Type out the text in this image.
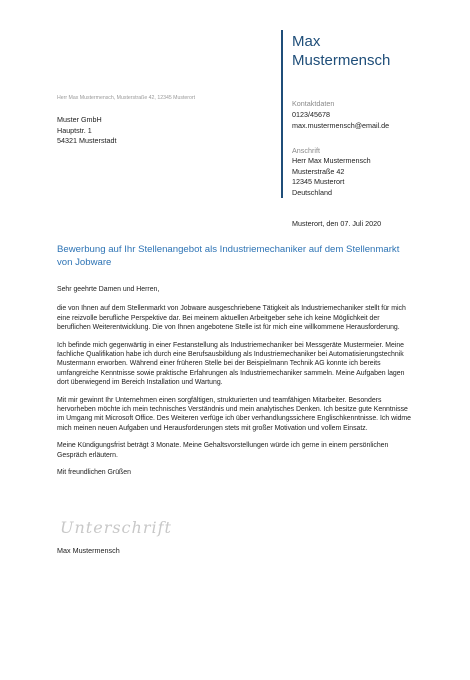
Max
Mustermensch
Herr Max Mustermensch, Musterstraße 42, 12345 Musterort
Muster GmbH
Hauptstr. 1
54321 Musterstadt
Kontaktdaten
0123/45678
max.mustermensch@email.de
Anschrift
Herr Max Mustermensch
Musterstraße 42
12345 Musterort
Deutschland
Musterort, den 07. Juli 2020
Bewerbung auf Ihr Stellenangebot als Industriemechaniker auf dem Stellenmarkt von Jobware

Sehr geehrte Damen und Herren,

die von Ihnen auf dem Stellenmarkt von Jobware ausgeschriebene Tätigkeit als Industriemechaniker stellt für mich eine reizvolle berufliche Perspektive dar. Bei meinem aktuellen Arbeitgeber sehe ich keine Möglichkeit der beruflichen Weiterentwicklung. Die von Ihnen angebotene Stelle ist für mich eine willkommene Herausforderung.

Ich befinde mich gegenwärtig in einer Festanstellung als Industriemechaniker bei Messgeräte Mustermeier. Meine fachliche Qualifikation habe ich durch eine Berufsausbildung als Industriemechaniker bei Automatisierungstechnik Mustermann erworben. Während einer früheren Stelle bei der Beispielmann Technik AG konnte ich bereits umfangreiche Kenntnisse sowie praktische Erfahrungen als Industriemechaniker sammeln. Meine Aufgaben lagen dort überwiegend im Bereich Installation und Wartung.

Mit mir gewinnt Ihr Unternehmen einen sorgfältigen, strukturierten und teamfähigen Mitarbeiter. Besonders hervorheben möchte ich mein technisches Verständnis und mein analytisches Denken. Ich besitze gute Kenntnisse im Umgang mit Microsoft Office. Des Weiteren verfüge ich über verhandlungssichere Englischkenntnisse. Ich widme mich meinen neuen Aufgaben und Herausforderungen stets mit großer Motivation und vollem Einsatz.

Meine Kündigungsfrist beträgt 3 Monate. Meine Gehaltsvorstellungen würde ich gerne in einem persönlichen Gespräch erläutern.

Mit freundlichen Grüßen

Unterschrift
Max Mustermensch
